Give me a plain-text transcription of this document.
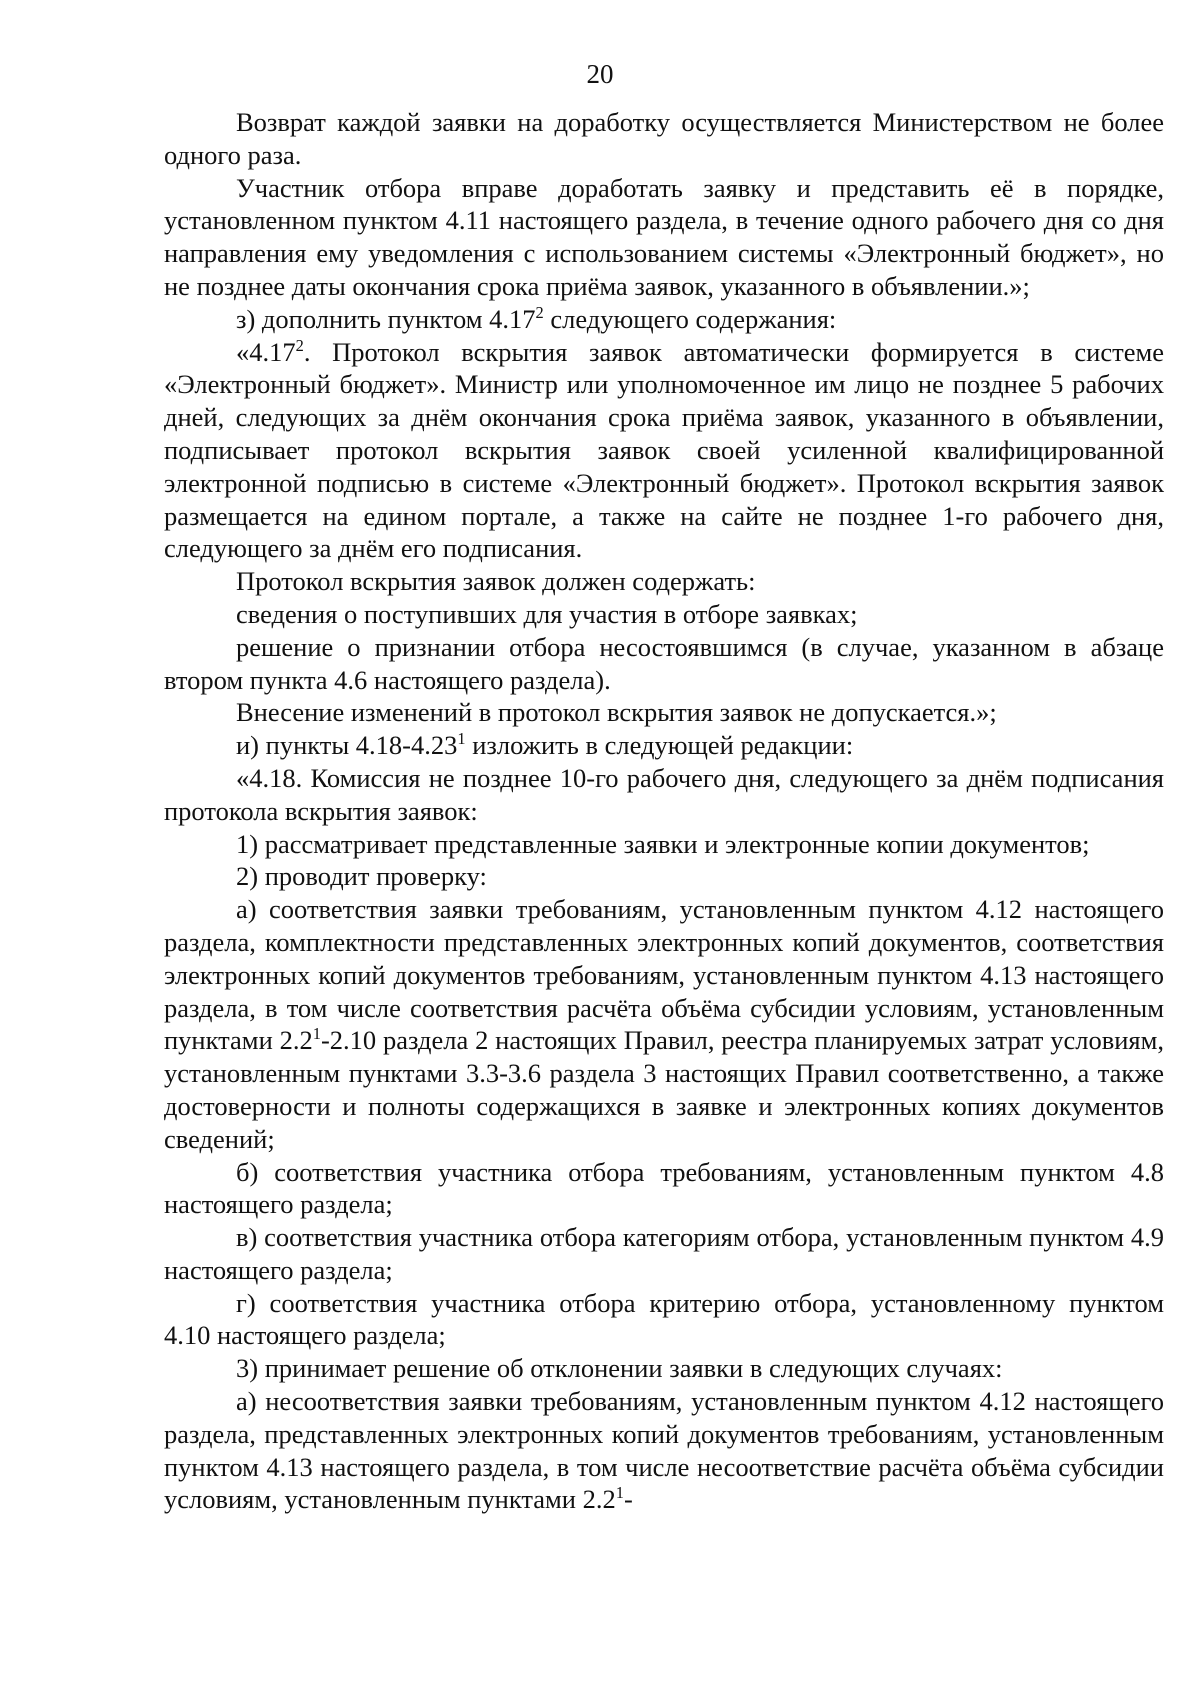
20

Возврат каждой заявки на доработку осуществляется Министерством не более одного раза.

Участник отбора вправе доработать заявку и представить её в порядке, установленном пунктом 4.11 настоящего раздела, в течение одного рабочего дня со дня направления ему уведомления с использованием системы «Электронный бюджет», но не позднее даты окончания срока приёма заявок, указанного в объявлении.»;

з) дополнить пунктом 4.17$^2$ следующего содержания:

«4.17$^2$. Протокол вскрытия заявок автоматически формируется в системе «Электронный бюджет». Министр или уполномоченное им лицо не позднее 5 рабочих дней, следующих за днём окончания срока приёма заявок, указанного в объявлении, подписывает протокол вскрытия заявок своей усиленной квалифицированной электронной подписью в системе «Электронный бюджет». Протокол вскрытия заявок размещается на едином портале, а также на сайте не позднее 1-го рабочего дня, следующего за днём его подписания.

Протокол вскрытия заявок должен содержать:

сведения о поступивших для участия в отборе заявках;

решение о признании отбора несостоявшимся (в случае, указанном в абзаце втором пункта 4.6 настоящего раздела).

Внесение изменений в протокол вскрытия заявок не допускается.»;

и) пункты 4.18-4.23$^1$ изложить в следующей редакции:

«4.18. Комиссия не позднее 10-го рабочего дня, следующего за днём подписания протокола вскрытия заявок:

1) рассматривает представленные заявки и электронные копии документов;

2) проводит проверку:

а) соответствия заявки требованиям, установленным пунктом 4.12 настоящего раздела, комплектности представленных электронных копий документов, соответствия электронных копий документов требованиям, установленным пунктом 4.13 настоящего раздела, в том числе соответствия расчёта объёма субсидии условиям, установленным пунктами $2.2^1-2.10$ раздела 2 настоящих Правил, реестра планируемых затрат условиям, установленным пунктами 3.3-3.6 раздела 3 настоящих Правил соответственно, а также достоверности и полноты содержащихся в заявке и электронных копиях документов сведений;

б) соответствия участника отбора требованиям, установленным пунктом 4.8 настоящего раздела;

в) соответствия участника отбора категориям отбора, установленным пунктом 4.9 настоящего раздела;

г) соответствия участника отбора критерию отбора, установленному пунктом 4.10 настоящего раздела;

3) принимает решение об отклонении заявки в следующих случаях:

а) несоответствия заявки требованиям, установленным пунктом 4.12 настоящего раздела, представленных электронных копий документов требованиям, установленным пунктом 4.13 настоящего раздела, в том числе несоответствие расчёта объёма субсидии условиям, установленным пунктами $2.2^1-$
